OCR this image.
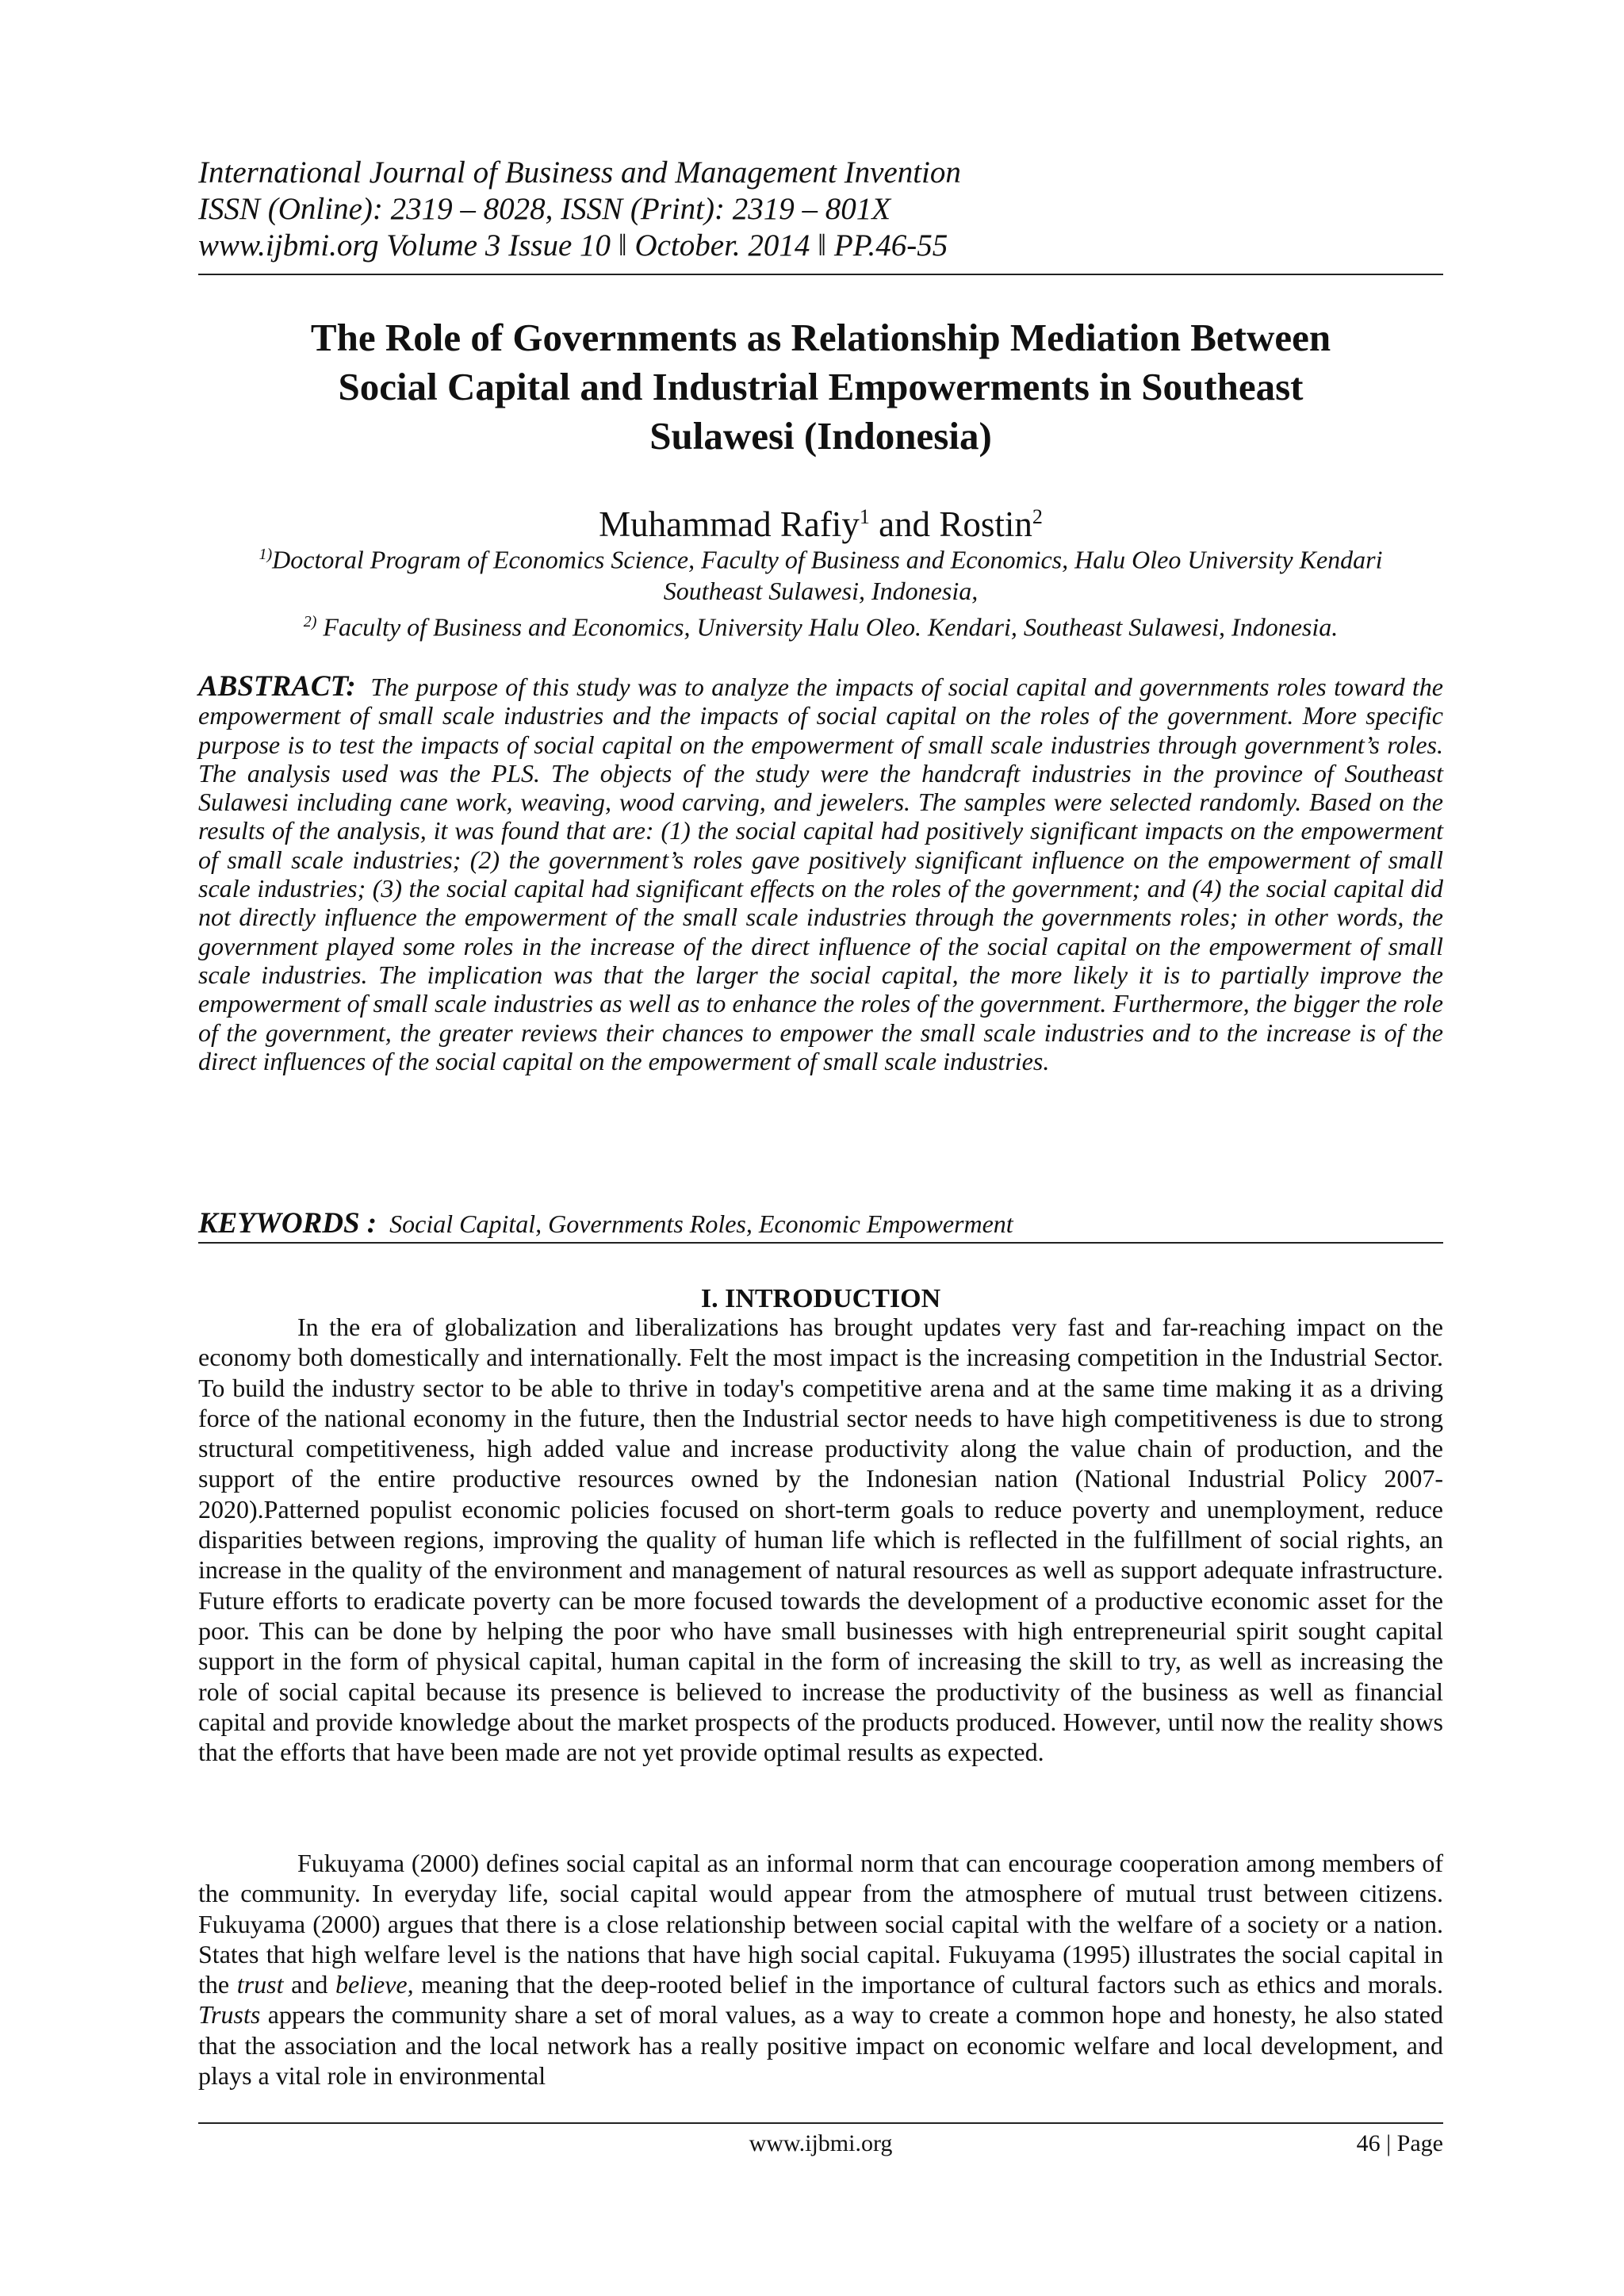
International Journal of Business and Management Invention
ISSN (Online): 2319 – 8028, ISSN (Print): 2319 – 801X
www.ijbmi.org Volume 3 Issue 10 ǁ October. 2014 ǁ PP.46-55
The Role of Governments as Relationship Mediation Between
Social Capital and Industrial Empowerments in Southeast
Sulawesi (Indonesia)
Muhammad Rafiy$^1$ and Rostin$^2$
$^{1)}$Doctoral Program of Economics Science, Faculty of Business and Economics, Halu Oleo University Kendari
Southeast Sulawesi, Indonesia,
$^{2)}$ Faculty of Business and Economics, University Halu Oleo. Kendari, Southeast Sulawesi, Indonesia.
ABSTRACT: The purpose of this study was to analyze the impacts of social capital and governments roles toward the empowerment of small scale industries and the impacts of social capital on the roles of the government. More specific purpose is to test the impacts of social capital on the empowerment of small scale industries through government’s roles. The analysis used was the PLS. The objects of the study were the handcraft industries in the province of Southeast Sulawesi including cane work, weaving, wood carving, and jewelers. The samples were selected randomly. Based on the results of the analysis, it was found that are: (1) the social capital had positively significant impacts on the empowerment of small scale industries; (2) the government’s roles gave positively significant influence on the empowerment of small scale industries; (3) the social capital had significant effects on the roles of the government; and (4) the social capital did not directly influence the empowerment of the small scale industries through the governments roles; in other words, the government played some roles in the increase of the direct influence of the social capital on the empowerment of small scale industries. The implication was that the larger the social capital, the more likely it is to partially improve the empowerment of small scale industries as well as to enhance the roles of the government. Furthermore, the bigger the role of the government, the greater reviews their chances to empower the small scale industries and to the increase is of the direct influences of the social capital on the empowerment of small scale industries.
KEYWORDS : Social Capital, Governments Roles, Economic Empowerment
I. INTRODUCTION
In the era of globalization and liberalizations has brought updates very fast and far-reaching impact on the economy both domestically and internationally. Felt the most impact is the increasing competition in the Industrial Sector. To build the industry sector to be able to thrive in today's competitive arena and at the same time making it as a driving force of the national economy in the future, then the Industrial sector needs to have high competitiveness is due to strong structural competitiveness, high added value and increase productivity along the value chain of production, and the support of the entire productive resources owned by the Indonesian nation (National Industrial Policy 2007-2020).Patterned populist economic policies focused on short-term goals to reduce poverty and unemployment, reduce disparities between regions, improving the quality of human life which is reflected in the fulfillment of social rights, an increase in the quality of the environment and management of natural resources as well as support adequate infrastructure. Future efforts to eradicate poverty can be more focused towards the development of a productive economic asset for the poor. This can be done by helping the poor who have small businesses with high entrepreneurial spirit sought capital support in the form of physical capital, human capital in the form of increasing the skill to try, as well as increasing the role of social capital because its presence is believed to increase the productivity of the business as well as financial capital and provide knowledge about the market prospects of the products produced. However, until now the reality shows that the efforts that have been made are not yet provide optimal results as expected.
Fukuyama (2000) defines social capital as an informal norm that can encourage cooperation among members of the community. In everyday life, social capital would appear from the atmosphere of mutual trust between citizens. Fukuyama (2000) argues that there is a close relationship between social capital with the welfare of a society or a nation. States that high welfare level is the nations that have high social capital. Fukuyama (1995) illustrates the social capital in the trust and believe, meaning that the deep-rooted belief in the importance of cultural factors such as ethics and morals. Trusts appears the community share a set of moral values, as a way to create a common hope and honesty, he also stated that the association and the local network has a really positive impact on economic welfare and local development, and plays a vital role in environmental
www.ijbmi.org	46 | Page
